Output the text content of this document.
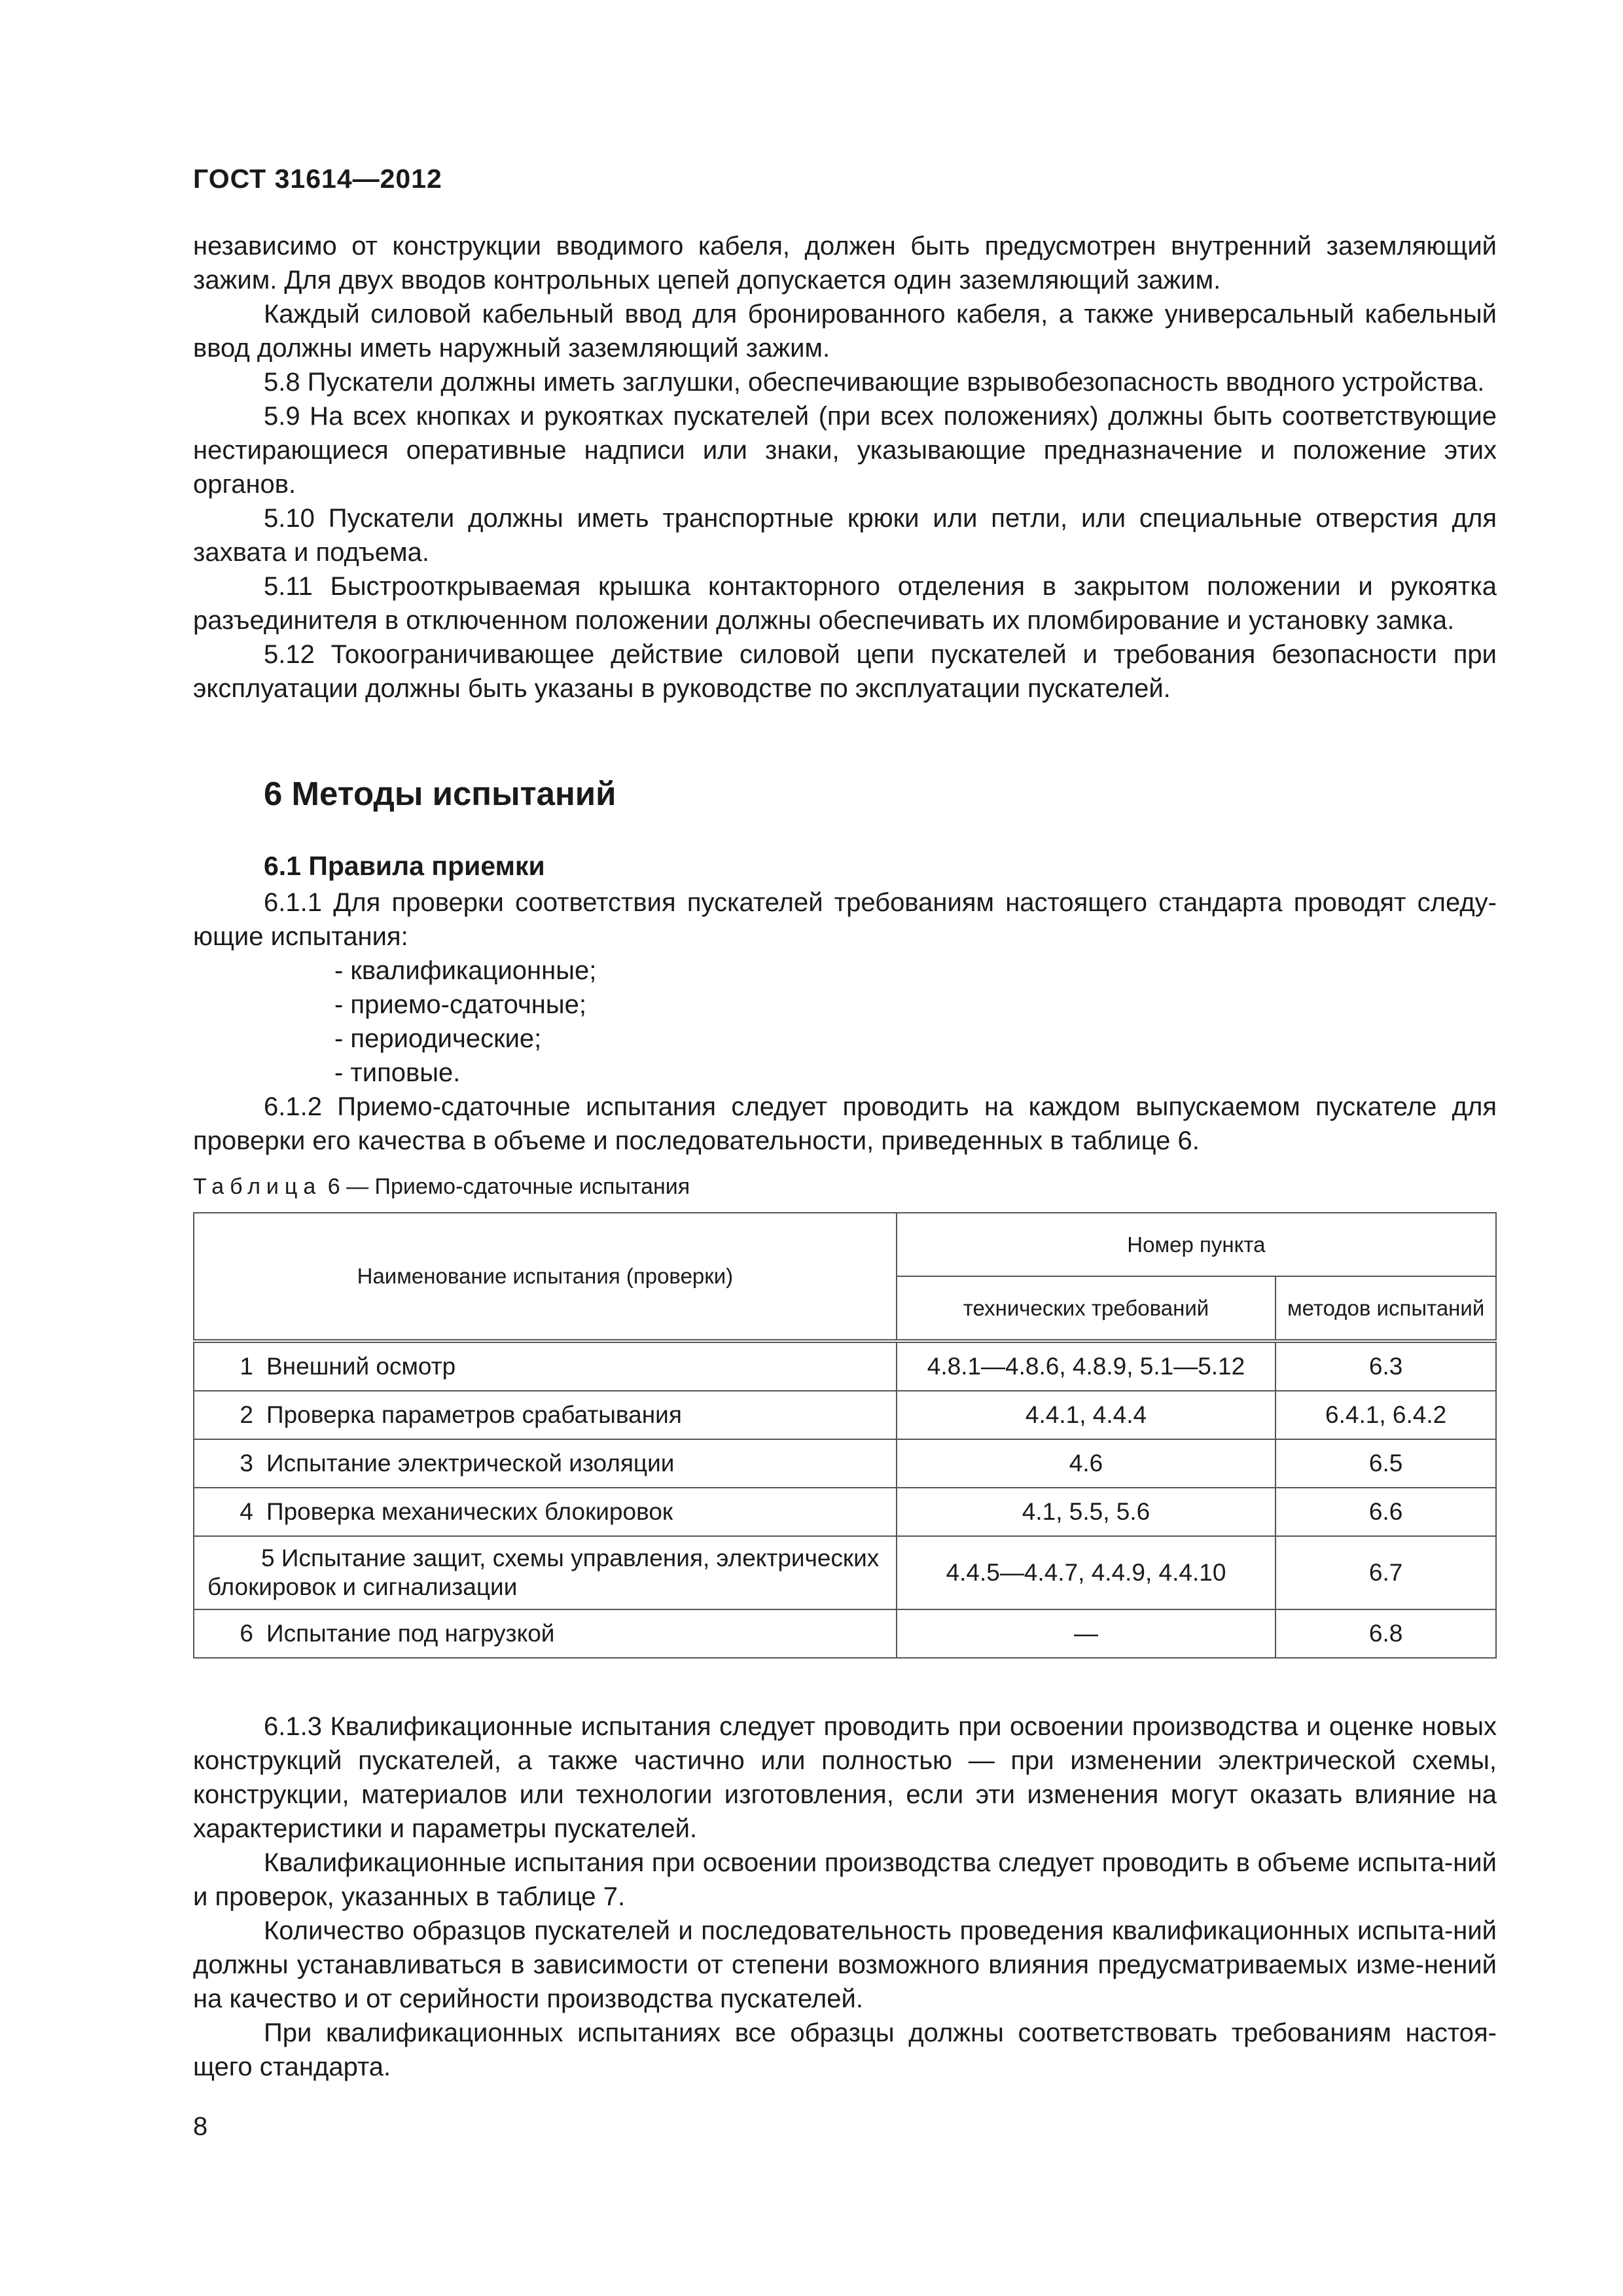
ГОСТ 31614—2012

независимо от конструкции вводимого кабеля, должен быть предусмотрен внутренний заземляющий зажим. Для двух вводов контрольных цепей допускается один заземляющий зажим.

Каждый силовой кабельный ввод для бронированного кабеля, а также универсальный кабельный ввод должны иметь наружный заземляющий зажим.

5.8 Пускатели должны иметь заглушки, обеспечивающие взрывобезопасность вводного устройства.

5.9 На всех кнопках и рукоятках пускателей (при всех положениях) должны быть соответствующие нестирающиеся оперативные надписи или знаки, указывающие предназначение и положение этих органов.

5.10 Пускатели должны иметь транспортные крюки или петли, или специальные отверстия для захвата и подъема.

5.11 Быстрооткрываемая крышка контакторного отделения в закрытом положении и рукоятка разъединителя в отключенном положении должны обеспечивать их пломбирование и установку замка.

5.12 Токоограничивающее действие силовой цепи пускателей и требования безопасности при эксплуатации должны быть указаны в руководстве по эксплуатации пускателей.

6 Методы испытаний
6.1 Правила приемки

6.1.1 Для проверки соответствия пускателей требованиям настоящего стандарта проводят следу-ющие испытания:

- квалификационные;

- приемо-сдаточные;

- периодические;

- типовые.

6.1.2 Приемо-сдаточные испытания следует проводить на каждом выпускаемом пускателе для проверки его качества в объеме и последовательности, приведенных в таблице 6.

Таблица 6 — Приемо-сдаточные испытания
Наименование испытания (проверки)	Номер пункта	
	технических требований	методов испытаний
1 Внешний осмотр	4.8.1—4.8.6, 4.8.9, 5.1—5.12	6.3
2 Проверка параметров срабатывания	4.4.1, 4.4.4	6.4.1, 6.4.2
3 Испытание электрической изоляции	4.6	6.5
4 Проверка механических блокировок	4.1, 5.5, 5.6	6.6
5 Испытание защит, схемы управления, электрических блокировок и сигнализации	4.4.5—4.4.7, 4.4.9, 4.4.10	6.7
6 Испытание под нагрузкой	—	6.8

6.1.3 Квалификационные испытания следует проводить при освоении производства и оценке новых конструкций пускателей, а также частично или полностью — при изменении электрической схемы, конструкции, материалов или технологии изготовления, если эти изменения могут оказать влияние на характеристики и параметры пускателей.

Квалификационные испытания при освоении производства следует проводить в объеме испыта-ний и проверок, указанных в таблице 7.

Количество образцов пускателей и последовательность проведения квалификационных испыта-ний должны устанавливаться в зависимости от степени возможного влияния предусматриваемых изме-нений на качество и от серийности производства пускателей.

При квалификационных испытаниях все образцы должны соответствовать требованиям настоя-щего стандарта.

8
